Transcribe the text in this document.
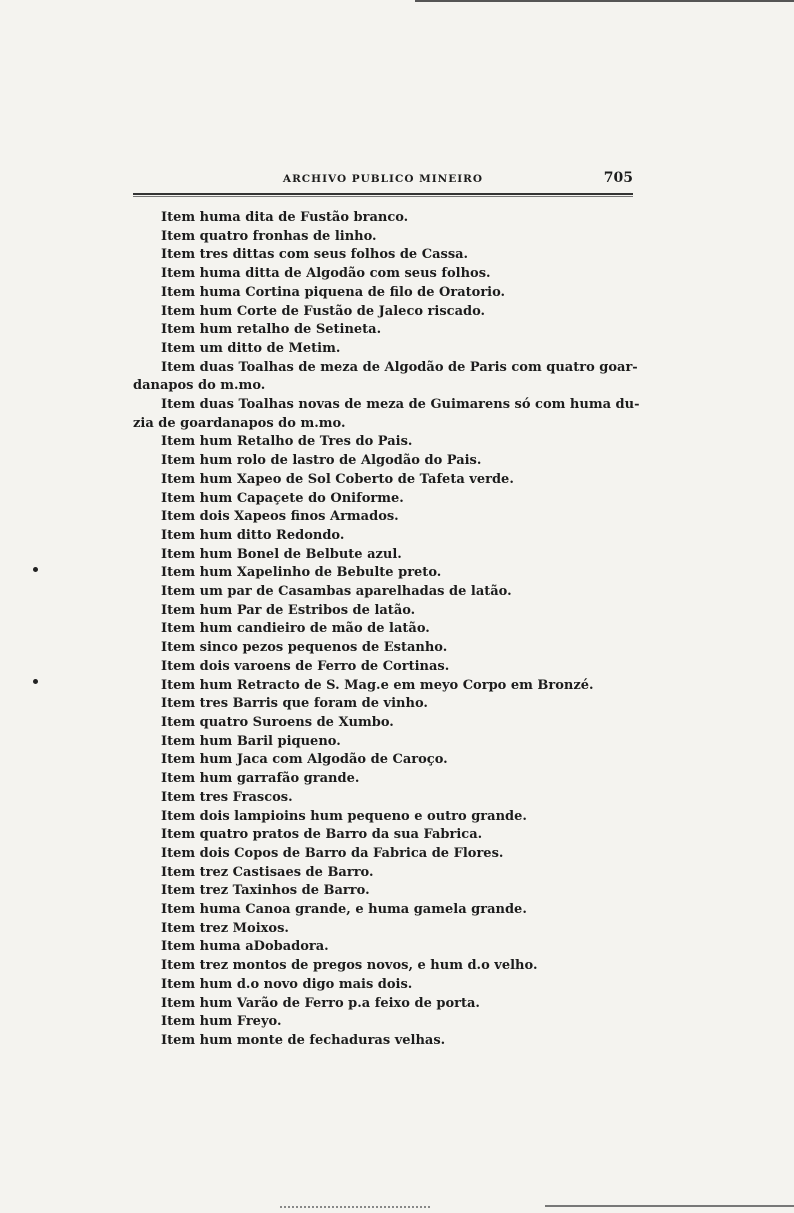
ARCHIVO PUBLICO MINEIRO	705
Item huma dita de Fustão branco.
Item quatro fronhas de linho.
Item tres dittas com seus folhos de Cassa.
Item huma ditta de Algodão com seus folhos.
Item huma Cortina piquena de filo de Oratorio.
Item hum Corte de Fustão de Jaleco riscado.
Item hum retalho de Setineta.
Item um ditto de Metim.
Item duas Toalhas de meza de Algodão de Paris com quatro goar-
danapos do m.mo.
Item duas Toalhas novas de meza de Guimarens só com huma du-
zia de goardanapos do m.mo.
Item hum Retalho de Tres do Pais.
Item hum rolo de lastro de Algodão do Pais.
Item hum Xapeo de Sol Coberto de Tafeta verde.
Item hum Capaçete do Oniforme.
Item dois Xapeos finos Armados.
Item hum ditto Redondo.
Item hum Bonel de Belbute azul.
Item hum Xapelinho de Bebulte preto.
Item um par de Casambas aparelhadas de latão.
Item hum Par de Estribos de latão.
Item hum candieiro de mão de latão.
Item sinco pezos pequenos de Estanho.
Item dois varoens de Ferro de Cortinas.
Item hum Retracto de S. Mag.e em meyo Corpo em Bronzé.
Item tres Barris que foram de vinho.
Item quatro Suroens de Xumbo.
Item hum Baril piqueno.
Item hum Jaca com Algodão de Caroço.
Item hum garrafão grande.
Item tres Frascos.
Item dois lampioins hum pequeno e outro grande.
Item quatro pratos de Barro da sua Fabrica.
Item dois Copos de Barro da Fabrica de Flores.
Item trez Castisaes de Barro.
Item trez Taxinhos de Barro.
Item huma Canoa grande, e huma gamela grande.
Item trez Moixos.
Item huma aDobadora.
Item trez montos de pregos novos, e hum d.o velho.
Item hum d.o novo digo mais dois.
Item hum Varão de Ferro p.a feixo de porta.
Item hum Freyo.
Item hum monte de fechaduras velhas.
